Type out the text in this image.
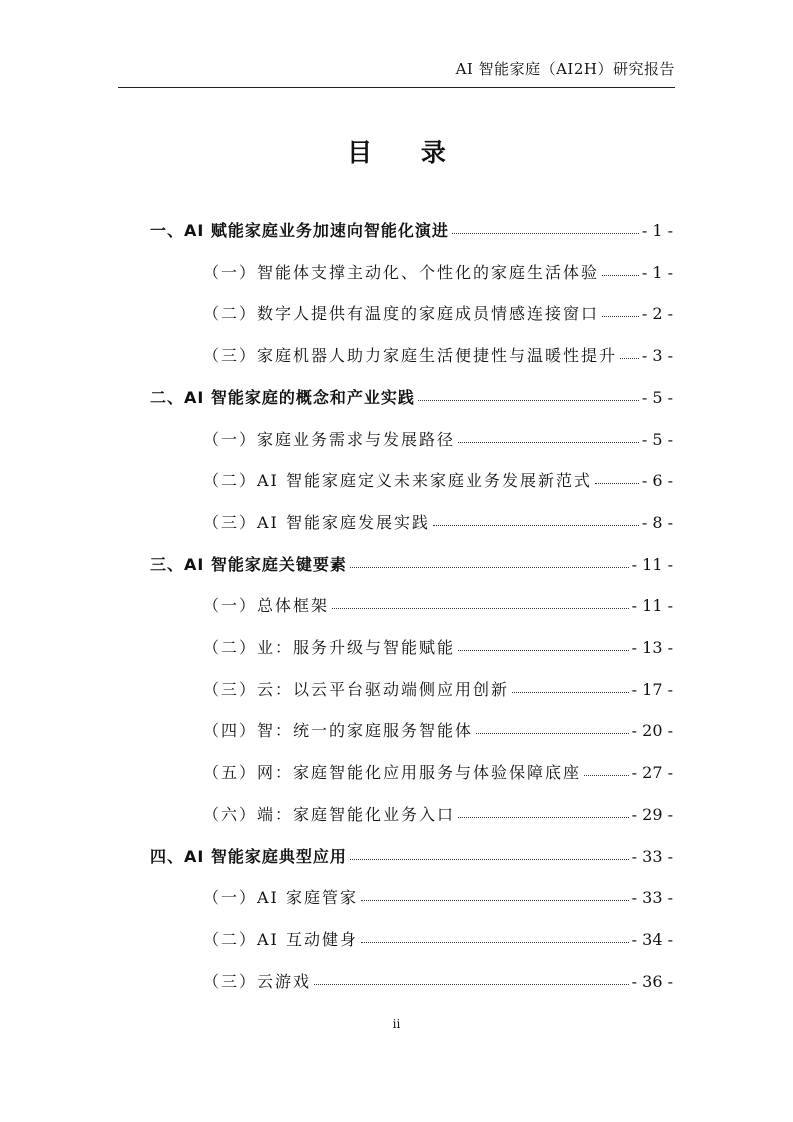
AI 智能家庭（AI2H）研究报告
目 录
一、AI 赋能家庭业务加速向智能化演进	- 1 -
（一）智能体支撑主动化、个性化的家庭生活体验	- 1 -
（二）数字人提供有温度的家庭成员情感连接窗口	- 2 -
（三）家庭机器人助力家庭生活便捷性与温暖性提升 - 3 -
二、AI 智能家庭的概念和产业实践	- 5 -
（一）家庭业务需求与发展路径	- 5 -
（二）AI 智能家庭定义未来家庭业务发展新范式	- 6 -
（三）AI 智能家庭发展实践	- 8 -
三、AI 智能家庭关键要素	- 11 -
（一）总体框架	- 11 -
（二）业：服务升级与智能赋能	- 13 -
（三）云：以云平台驱动端侧应用创新	- 17 -
（四）智：统一的家庭服务智能体	- 20 -
（五）网：家庭智能化应用服务与体验保障底座	- 27 -
（六）端：家庭智能化业务入口	- 29 -
四、AI 智能家庭典型应用	- 33 -
（一）AI 家庭管家	- 33 -
（二）AI 互动健身	- 34 -
（三）云游戏	- 36 -
ii
